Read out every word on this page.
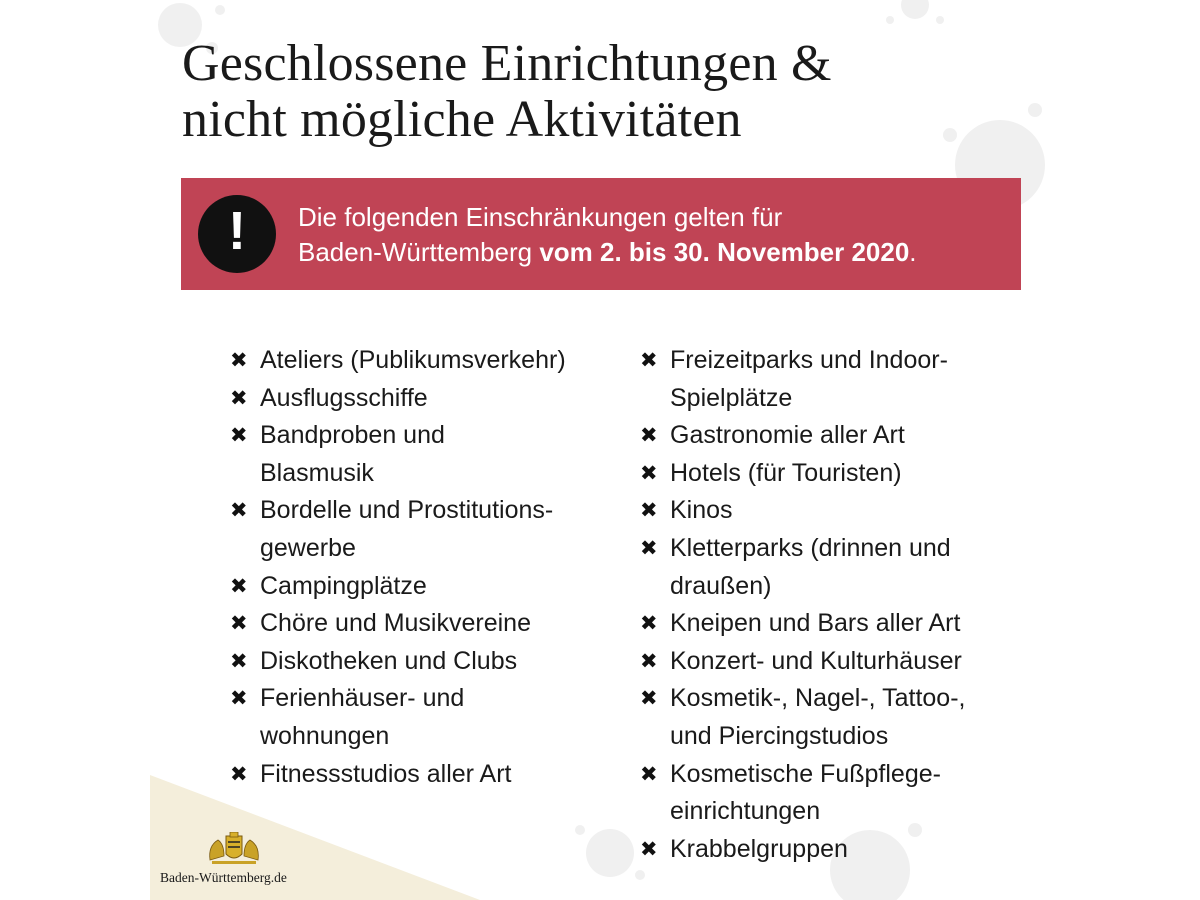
Geschlossene Einrichtungen &
nicht mögliche Aktivitäten
!	Die folgenden Einschränkungen gelten für
Baden-Württemberg vom 2. bis 30. November 2020.
✖ Ateliers (Publikumsverkehr)
✖ Ausflugsschiffe
✖ Bandproben und
Blasmusik
✖ Bordelle und Prostitutions-
gewerbe
✖ Campingplätze
✖ Chöre und Musikvereine
✖ Diskotheken und Clubs
✖ Ferienhäuser- und
wohnungen
✖ Fitnessstudios aller Art
✖ Freizeitparks und Indoor-
Spielplätze
✖ Gastronomie aller Art
✖ Hotels (für Touristen)
✖ Kinos
✖ Kletterparks (drinnen und
draußen)
✖ Kneipen und Bars aller Art
✖ Konzert- und Kulturhäuser
✖ Kosmetik-, Nagel-, Tattoo-,
und Piercingstudios
✖ Kosmetische Fußpflege-
einrichtungen
✖ Krabbelgruppen
Baden-Württemberg.de
